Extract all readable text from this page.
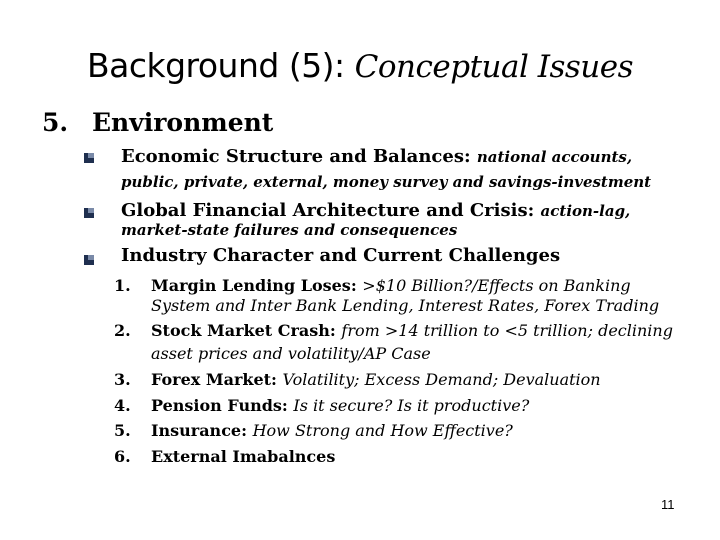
Background (5): Conceptual Issues
5. Environment
Economic Structure and Balances: national accounts,
public, private, external, money survey and savings-investment
Global Financial Architecture and Crisis: action-lag,
market-state failures and consequences
Industry Character and Current Challenges
1. Margin Lending Loses: >$10 Billion?/Effects on Banking
System and Inter Bank Lending, Interest Rates, Forex Trading
2. Stock Market Crash: from >14 trillion to <5 trillion; declining
asset prices and volatility/AP Case
3. Forex Market: Volatility; Excess Demand; Devaluation
4. Pension Funds: Is it secure? Is it productive?
5. Insurance: How Strong and How Effective?
6. External Imabalnces
11
